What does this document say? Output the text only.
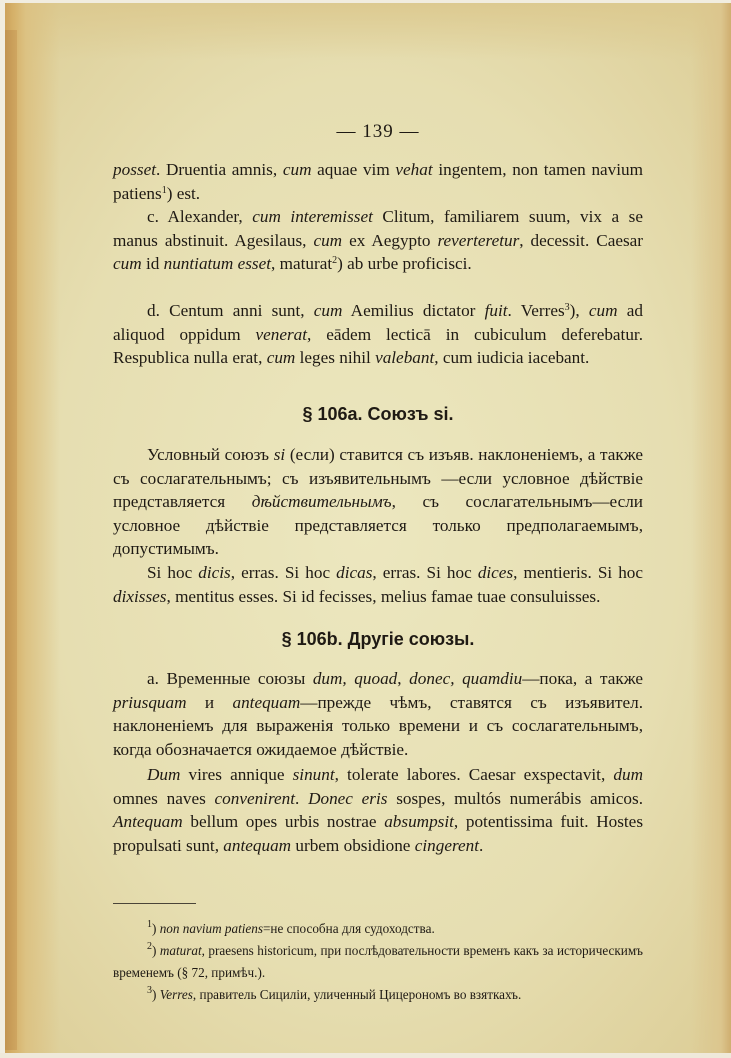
— 139 —
posset. Druentia amnis, cum aquae vim vehat ingentem, non tamen navium patiens$^1$) est.
c. Alexander, cum interemisset Clitum, familiarem suum, vix a se manus abstinuit. Agesilaus, cum ex Aegypto reverteretur, decessit. Caesar cum id nuntiatum esset, maturat$^2$) ab urbe proficisci.
d. Centum anni sunt, cum Aemilius dictator fuit. Verres$^3$), cum ad aliquod oppidum venerat, eādem lecticā in cubiculum deferebatur. Respublica nulla erat, cum leges nihil valebant, cum iudicia iacebant.
§ 106a. Союзъ si.
Условный союзъ si (если) ставится съ изъяв. наклоненіемъ, а также съ сослагательнымъ; съ изъявительнымъ —если условное дѣйствіе представляется дѣйствительнымъ, съ сослагательнымъ—если условное дѣйствіе представляется только предполагаемымъ, допустимымъ.
Si hoc dicis, erras. Si hoc dicas, erras. Si hoc dices, mentieris. Si hoc dixisses, mentitus esses. Si id fecisses, melius famae tuae consuluisses.
§ 106b. Другіе союзы.
a. Временные союзы dum, quoad, donec, quamdiu—пока, а также priusquam и antequam—прежде чѣмъ, ставятся съ изъявител. наклоненіемъ для выраженія только времени и съ сослагательнымъ, когда обозначается ожидаемое дѣйствіе.
Dum vires anniquе sinunt, tolerate labores. Caesar exspectavit, dum omnes naves convenirent. Donec eris sospes, multós numerábis amicos. Antequam bellum opes urbis nostrae absumpsit, potentissima fuit. Hostes propulsati sunt, antequam urbem obsidione cingerent.
$^1$) non navium patiens=не способна для судоходства.
$^2$) maturat, praesens historicum, при послѣдовательности временъ какъ за историческимъ временемъ (§ 72, примѣч.).
$^3$) Verres, правитель Сициліи, уличенный Цицерономъ во взяткахъ.
